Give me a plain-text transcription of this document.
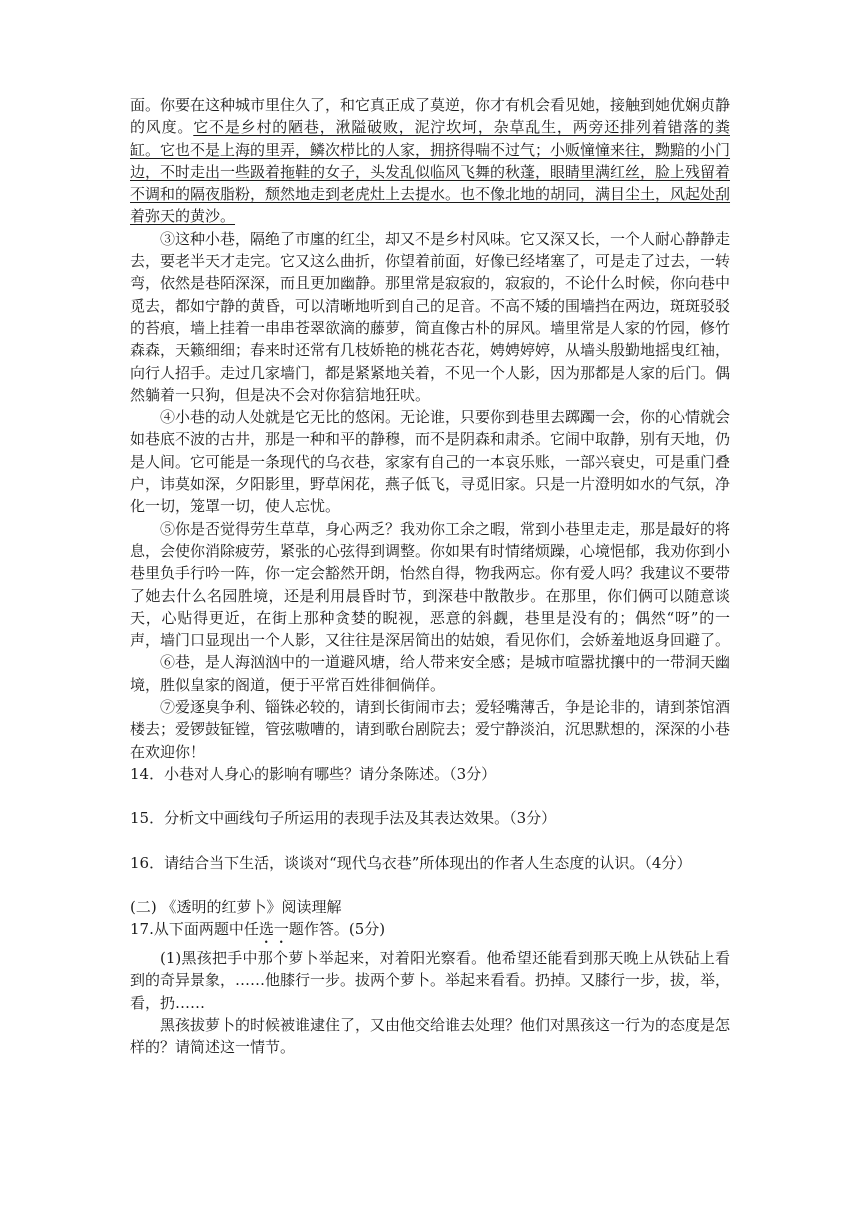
面。你要在这种城市里住久了，和它真正成了莫逆，你才有机会看见她，接触到她优娴贞静的风度。它不是乡村的陋巷，湫隘破败，泥泞坎坷，杂草乱生，两旁还排列着错落的粪缸。它也不是上海的里弄，鳞次栉比的人家，拥挤得喘不过气；小贩憧憧来往，黝黯的小门边，不时走出一些趿着拖鞋的女子，头发乱似临风飞舞的秋蓬，眼睛里满红丝，脸上残留着不调和的隔夜脂粉，颓然地走到老虎灶上去提水。也不像北地的胡同，满目尘土，风起处刮着弥天的黄沙。

③这种小巷，隔绝了市廛的红尘，却又不是乡村风味。它又深又长，一个人耐心静静走去，要老半天才走完。它又这么曲折，你望着前面，好像已经堵塞了，可是走了过去，一转弯，依然是巷陌深深，而且更加幽静。那里常是寂寂的，寂寂的，不论什么时候，你向巷中觅去，都如宁静的黄昏，可以清晰地听到自己的足音。不高不矮的围墙挡在两边，斑斑驳驳的苔痕，墙上挂着一串串苍翠欲滴的藤萝，简直像古朴的屏风。墙里常是人家的竹园，修竹森森，天籁细细；春来时还常有几枝娇艳的桃花杏花，娉娉婷婷，从墙头殷勤地摇曳红袖，向行人招手。走过几家墙门，都是紧紧地关着，不见一个人影，因为那都是人家的后门。偶然躺着一只狗，但是决不会对你狺狺地狂吠。

④小巷的动人处就是它无比的悠闲。无论谁，只要你到巷里去踯躅一会，你的心情就会如巷底不波的古井，那是一种和平的静穆，而不是阴森和肃杀。它闹中取静，别有天地，仍是人间。它可能是一条现代的乌衣巷，家家有自己的一本哀乐账，一部兴衰史，可是重门叠户，讳莫如深，夕阳影里，野草闲花，燕子低飞，寻觅旧家。只是一片澄明如水的气氛，净化一切，笼罩一切，使人忘忧。

⑤你是否觉得劳生草草，身心两乏？我劝你工余之暇，常到小巷里走走，那是最好的将息，会使你消除疲劳，紧张的心弦得到调整。你如果有时情绪烦躁，心境悒郁，我劝你到小巷里负手行吟一阵，你一定会豁然开朗，怡然自得，物我两忘。你有爱人吗？我建议不要带了她去什么名园胜境，还是利用晨昏时节，到深巷中散散步。在那里，你们俩可以随意谈天，心贴得更近，在街上那种贪婪的睨视，恶意的斜觑，巷里是没有的；偶然“呀”的一声，墙门口显现出一个人影，又往往是深居简出的姑娘，看见你们，会娇羞地返身回避了。

⑥巷，是人海汹汹中的一道避风塘，给人带来安全感；是城市喧嚣扰攘中的一带洞天幽境，胜似皇家的阁道，便于平常百姓徘徊倘佯。

⑦爱逐臭争利、锱铢必较的，请到长街闹市去；爱轻嘴薄舌，争是论非的，请到茶馆酒楼去；爱锣鼓钲镗，管弦嗷嘈的，请到歌台剧院去；爱宁静淡泊，沉思默想的，深深的小巷在欢迎你！

14．小巷对人身心的影响有哪些？请分条陈述。（3分）

15．分析文中画线句子所运用的表现手法及其表达效果。（3分）

16．请结合当下生活，谈谈对“现代乌衣巷”所体现出的作者人生态度的认识。（4分）

(二) 《透明的红萝卜》阅读理解

17.从下面两题中任选一题作答。(5分)

(1)黑孩把手中那个萝卜举起来，对着阳光察看。他希望还能看到那天晚上从铁砧上看到的奇异景象，……他膝行一步。拔两个萝卜。举起来看看。扔掉。又膝行一步，拔，举，看，扔……

黑孩拔萝卜的时候被谁逮住了，又由他交给谁去处理？他们对黑孩这一行为的态度是怎样的？请简述这一情节。
